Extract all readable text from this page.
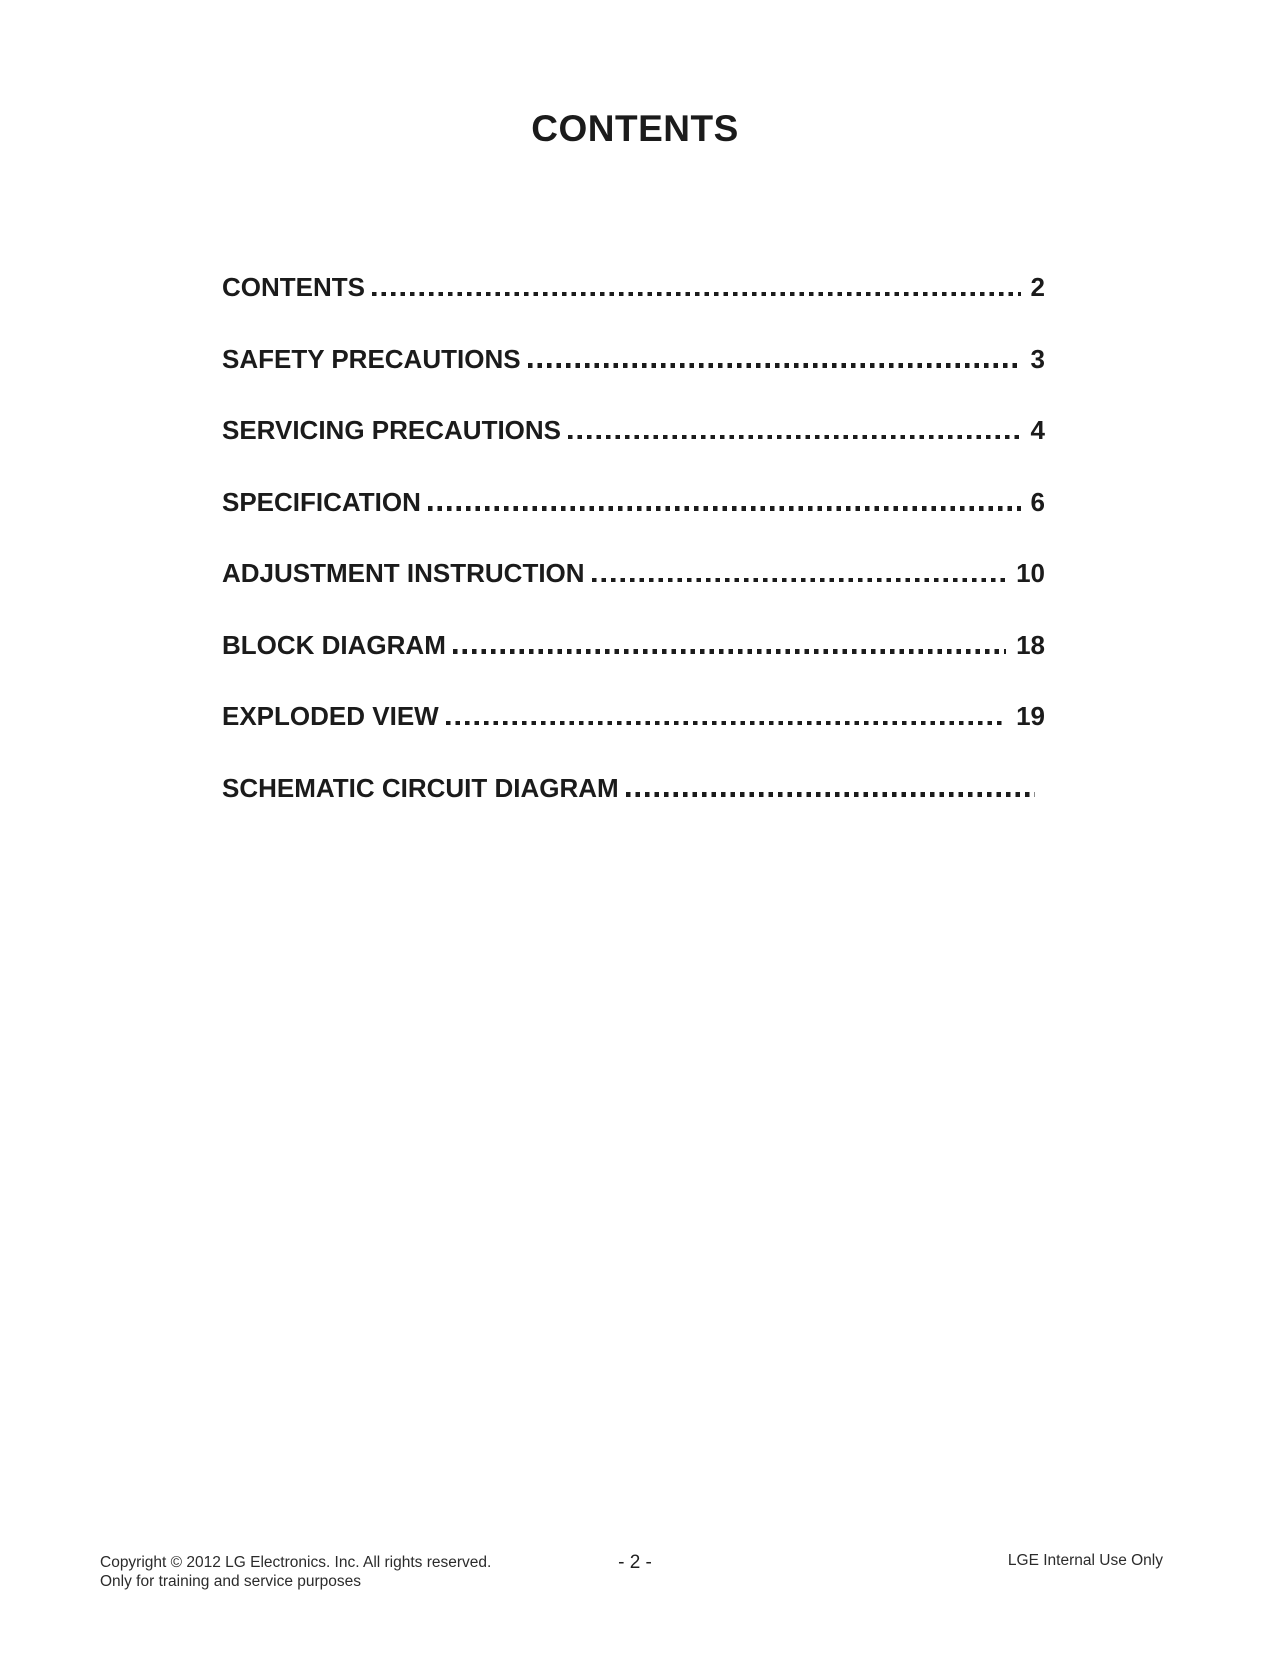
CONTENTS
CONTENTS	2
SAFETY PRECAUTIONS	3
SERVICING PRECAUTIONS	4
SPECIFICATION	6
ADJUSTMENT INSTRUCTION	10
BLOCK DIAGRAM	18
EXPLODED VIEW	19
SCHEMATIC CIRCUIT DIAGRAM
Copyright © 2012 LG Electronics. Inc. All rights reserved.
Only for training and service purposes
- 2 -	LGE Internal Use Only
